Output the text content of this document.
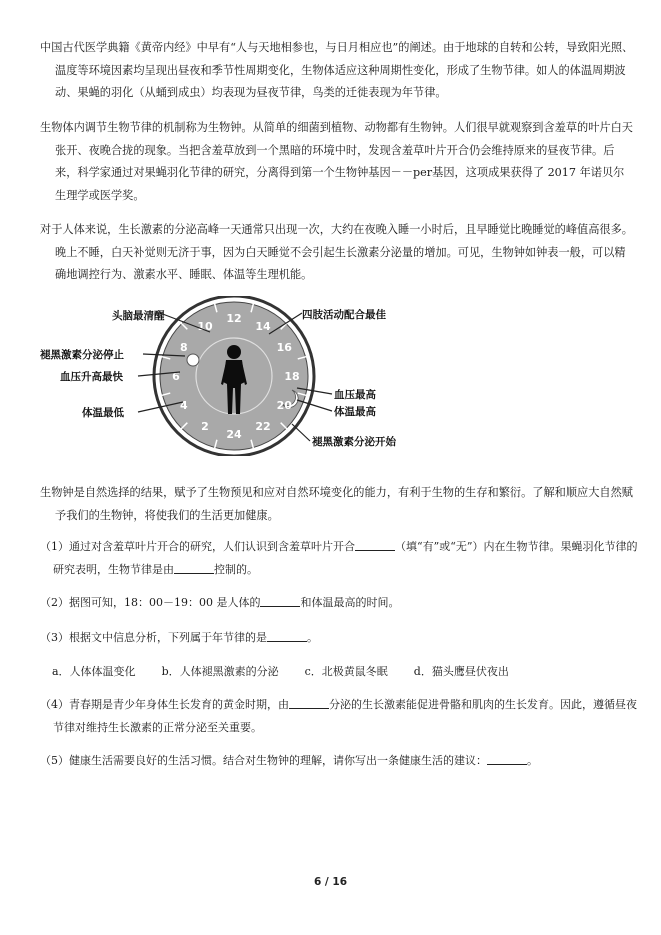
中国古代医学典籍《黄帝内经》中早有“人与天地相参也，与日月相应也”的阐述。由于地球的自转和公转，导致阳光照、温度等环境因素均呈现出昼夜和季节性周期变化，生物体适应这种周期性变化，形成了生物节律。如人的体温周期波动、果蝇的羽化（从蛹到成虫）均表现为昼夜节律，鸟类的迁徙表现为年节律。
生物体内调节生物节律的机制称为生物钟。从简单的细菌到植物、动物都有生物钟。人们很早就观察到含羞草的叶片白天张开、夜晚合拢的现象。当把含羞草放到一个黑暗的环境中时，发现含羞草叶片开合仍会维持原来的昼夜节律。后来，科学家通过对果蝇羽化节律的研究，分离得到第一个生物钟基因－－per基因，这项成果获得了 2017 年诺贝尔生理学或医学奖。
对于人体来说，生长激素的分泌高峰一天通常只出现一次，大约在夜晚入睡一小时后，且早睡觉比晚睡觉的峰值高很多。晚上不睡，白天补觉则无济于事，因为白天睡觉不会引起生长激素分泌量的增加。可见，生物钟如钟表一般，可以精确地调控行为、激素水平、睡眠、体温等生理机能。
12
14
16
18
20
22
24
2
4
6
8
10
头脑最清醒	四肢活动配合最佳
褪黑激素分泌停止
血压升高最快
体温最低
血压最高
体温最高
褪黑激素分泌开始
生物钟是自然选择的结果，赋予了生物预见和应对自然环境变化的能力，有利于生物的生存和繁衍。了解和顺应大自然赋予我们的生物钟，将使我们的生活更加健康。
（1）通过对含羞草叶片开合的研究，人们认识到含羞草叶片开合	（填“有”或“无”）内在生物节律。果蝇羽化节律的研究表明，生物节律是由	控制的。
（2）据图可知，18：00－19：00 是人体的	和体温最高的时间。
（3）根据文中信息分析，下列属于年节律的是	。
a．人体体温变化 b．人体褪黑激素的分泌 c．北极黄鼠冬眠 d．猫头鹰昼伏夜出
（4）青春期是青少年身体生长发育的黄金时期，由	分泌的生长激素能促进骨骼和肌肉的生长发育。因此，遵循昼夜节律对维持生长激素的正常分泌至关重要。
（5）健康生活需要良好的生活习惯。结合对生物钟的理解，请你写出一条健康生活的建议：	。
6 / 16
